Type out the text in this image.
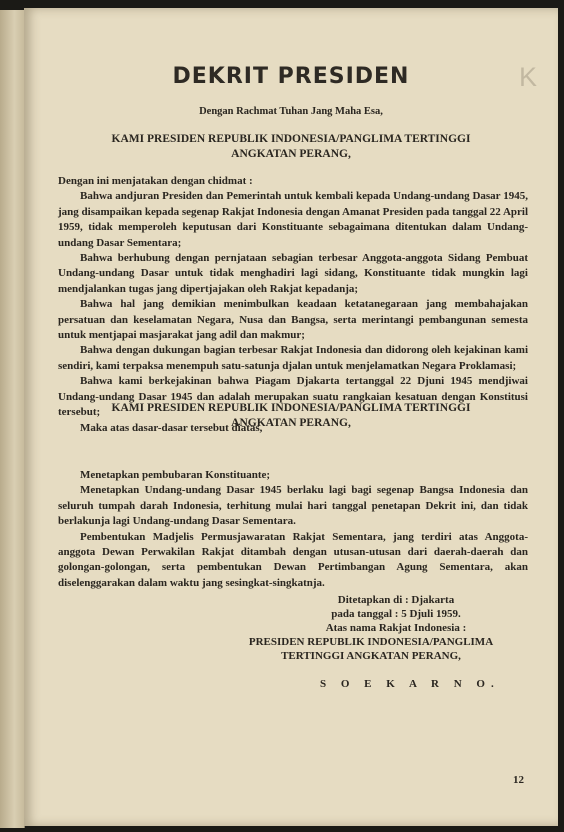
K
DEKRIT PRESIDEN
Dengan Rachmat Tuhan Jang Maha Esa,
KAMI PRESIDEN REPUBLIK INDONESIA/PANGLIMA TERTINGGI
ANGKATAN PERANG,

Dengan ini menjatakan dengan chidmat :

Bahwa andjuran Presiden dan Pemerintah untuk kembali kepada Undang-undang Dasar 1945, jang disampaikan kepada segenap Rakjat Indonesia dengan Amanat Presiden pada tanggal 22 April 1959, tidak memperoleh keputusan dari Konstituante sebagaimana ditentukan dalam Undang-undang Dasar Sementara;

Bahwa berhubung dengan pernjataan sebagian terbesar Anggota-anggota Sidang Pembuat Undang-undang Dasar untuk tidak menghadiri lagi sidang, Konstituante tidak mungkin lagi mendjalankan tugas jang dipertjajakan oleh Rakjat kepadanja;

Bahwa hal jang demikian menimbulkan keadaan ketatanegaraan jang membahajakan persatuan dan keselamatan Negara, Nusa dan Bangsa, serta merintangi pembangunan semesta untuk mentjapai masjarakat jang adil dan makmur;

Bahwa dengan dukungan bagian terbesar Rakjat Indonesia dan didorong oleh kejakinan kami sendiri, kami terpaksa menempuh satu-satunja djalan untuk menjelamatkan Negara Proklamasi;

Bahwa kami berkejakinan bahwa Piagam Djakarta tertanggal 22 Djuni 1945 mendjiwai Undang-undang Dasar 1945 dan adalah merupakan suatu rangkaian kesatuan dengan Konstitusi tersebut;

Maka atas dasar-dasar tersebut diatas,

KAMI PRESIDEN REPUBLIK INDONESIA/PANGLIMA TERTINGGI
ANGKATAN PERANG,

Menetapkan pembubaran Konstituante;

Menetapkan Undang-undang Dasar 1945 berlaku lagi bagi segenap Bangsa Indonesia dan seluruh tumpah darah Indonesia, terhitung mulai hari tanggal penetapan Dekrit ini, dan tidak berlakunja lagi Undang-undang Dasar Sementara.

Pembentukan Madjelis Permusjawaratan Rakjat Sementara, jang terdiri atas Anggota-anggota Dewan Perwakilan Rakjat ditambah dengan utusan-utusan dari daerah-daerah dan golongan-golongan, serta pembentukan Dewan Pertimbangan Agung Sementara, akan diselenggarakan dalam waktu jang sesingkat-singkatnja.

Ditetapkan di : Djakarta
pada tanggal : 5 Djuli 1959.
Atas nama Rakjat Indonesia :
PRESIDEN REPUBLIK INDONESIA/PANGLIMA
TERTINGGI ANGKATAN PERANG,
S O E K A R N O.
12
